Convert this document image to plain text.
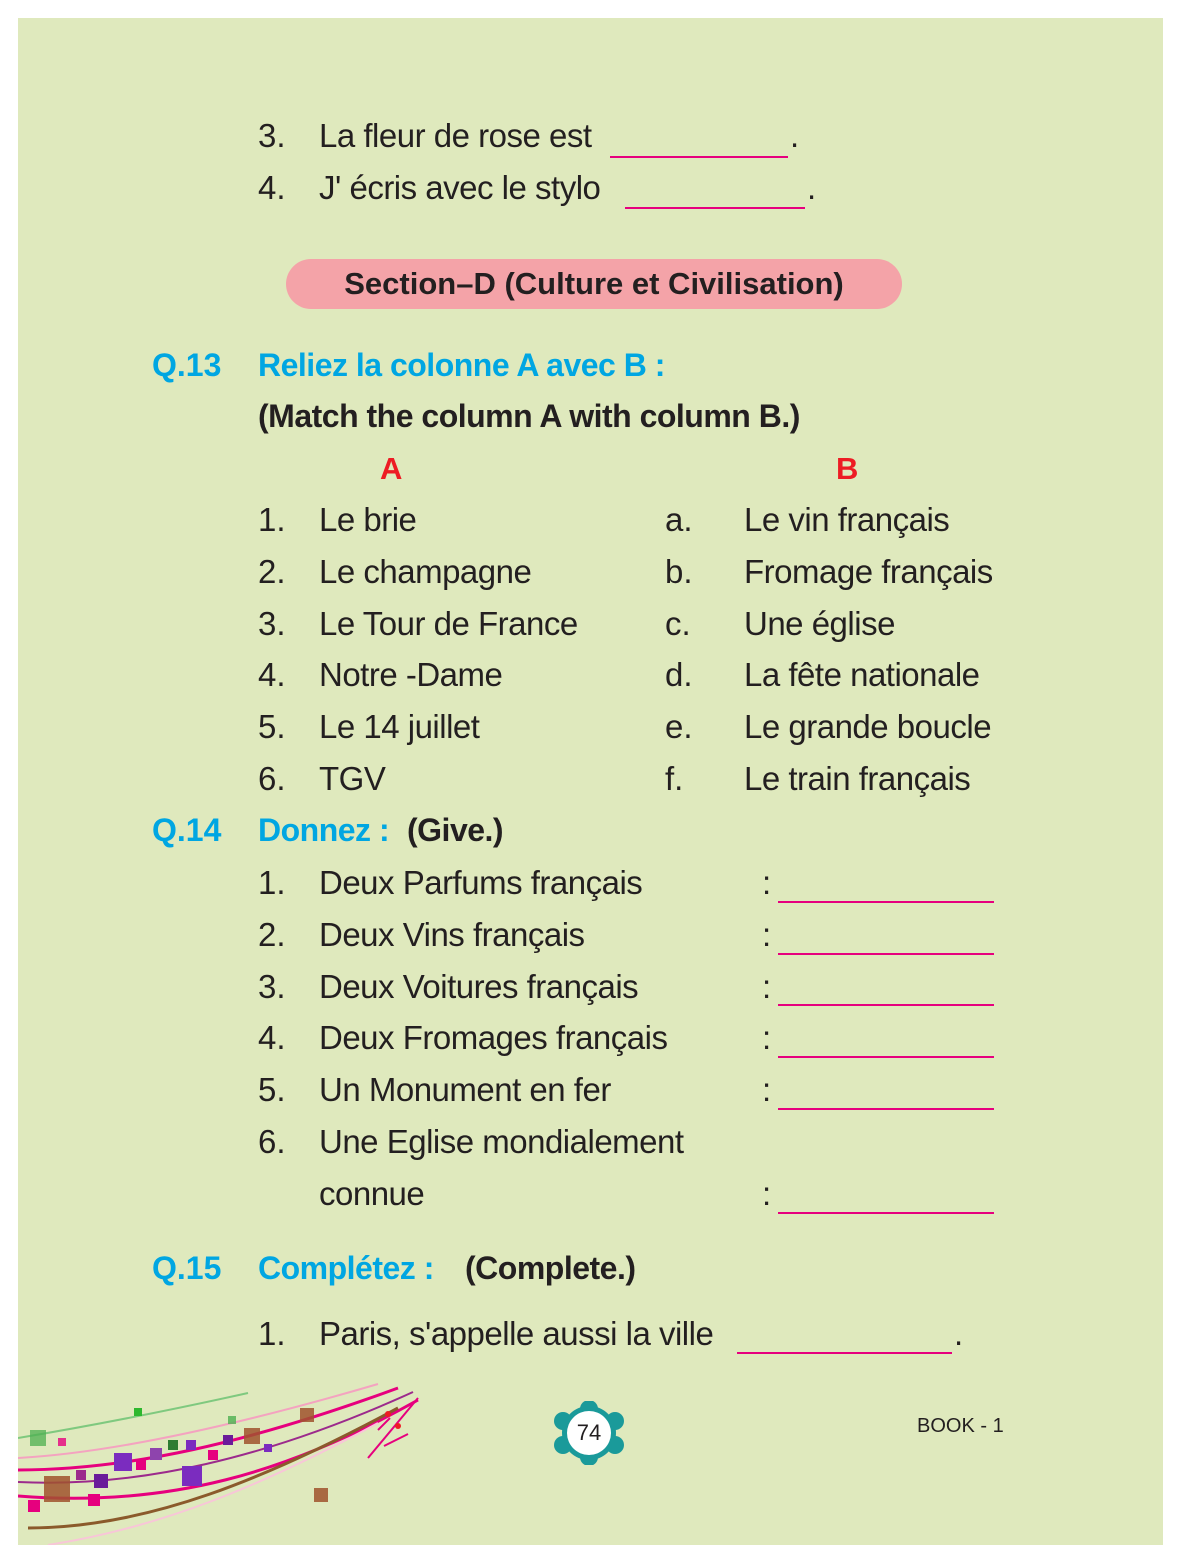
3. La fleur de rose est	.
4. J' écris avec le stylo	.
Section–D (Culture et Civilisation)
Q.13 Reliez la colonne A avec B :
(Match the column A with column B.)
A	B
1. Le brie	a. Le vin français
2. Le champagne	b. Fromage français
3. Le Tour de France	c. Une église
4. Notre -Dame	d. La fête nationale
5. Le 14 juillet	e. Le grande boucle
6. TGV	f. Le train français
Q.14 Donnez : (Give.)
1. Deux Parfums français	:
2. Deux Vins français	:
3. Deux Voitures français	:
4. Deux Fromages français	:
5. Un Monument en fer	:
6. Une Eglise mondialement
connue	:
Q.15 Complétez : (Complete.)
1. Paris, s'appelle aussi la ville	.
74	BOOK - 1
